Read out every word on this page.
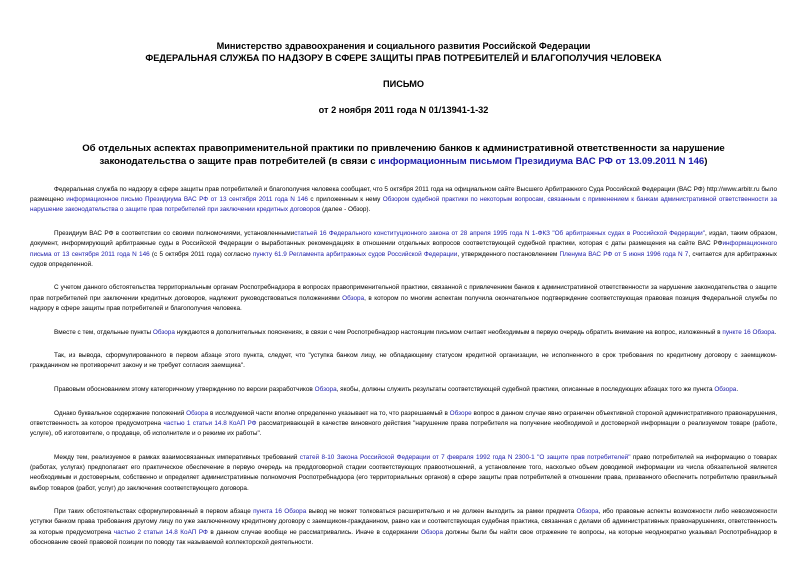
Министерство здравоохранения и социального развития Российской Федерации
ФЕДЕРАЛЬНАЯ СЛУЖБА ПО НАДЗОРУ В СФЕРЕ ЗАЩИТЫ ПРАВ ПОТРЕБИТЕЛЕЙ И БЛАГОПОЛУЧИЯ ЧЕЛОВЕКА
ПИСЬМО
от 2 ноября 2011 года N 01/13941-1-32
Об отдельных аспектах правоприменительной практики по привлечению банков к административной ответственности за нарушение законодательства о защите прав потребителей (в связи с информационным письмом Президиума ВАС РФ от 13.09.2011 N 146)

Федеральная служба по надзору в сфере защиты прав потребителей и благополучия человека сообщает, что 5 октября 2011 года на официальном сайте Высшего Арбитражного Суда Российской Федерации (ВАС РФ) http://www.arbitr.ru было размещено информационное письмо Президиума ВАС РФ от 13 сентября 2011 года N 146 с приложенным к нему Обзором судебной практики по некоторым вопросам, связанным с применением к банкам административной ответственности за нарушение законодательства о защите прав потребителей при заключении кредитных договоров (далее - Обзор).

Президиум ВАС РФ в соответствии со своими полномочиями, установленнымистатьей 16 Федерального конституционного закона от 28 апреля 1995 года N 1-ФКЗ "Об арбитражных судах в Российской Федерации", издал, таким образом, документ, информирующий арбитражные суды в Российской Федерации о выработанных рекомендациях в отношении отдельных вопросов соответствующей судебной практики, которая с даты размещения на сайте ВАС РФинформационного письма от 13 сентября 2011 года N 146 (с 5 октября 2011 года) согласно пункту 61.9 Регламента арбитражных судов Российской Федерации, утвержденного постановлением Пленума ВАС РФ от 5 июня 1996 года N 7, считается для арбитражных судов определенной.

С учетом данного обстоятельства территориальным органам Роспотребнадзора в вопросах правоприменительной практики, связанной с привлечением банков к административной ответственности за нарушение законодательства о защите прав потребителей при заключении кредитных договоров, надлежит руководствоваться положениями Обзора, в котором по многим аспектам получила окончательное подтверждение соответствующая правовая позиция Федеральной службы по надзору в сфере защиты прав потребителей и благополучия человека.

Вместе с тем, отдельные пункты Обзора нуждаются в дополнительных пояснениях, в связи с чем Роспотребнадзор настоящим письмом считает необходимым в первую очередь обратить внимание на вопрос, изложенный в пункте 16 Обзора.

Так, из вывода, сформулированного в первом абзаце этого пункта, следует, что "уступка банком лицу, не обладающему статусом кредитной организации, не исполненного в срок требования по кредитному договору с заемщиком-гражданином не противоречит закону и не требует согласия заемщика".

Правовым обоснованием этому категоричному утверждению по версии разработчиков Обзора, якобы, должны служить результаты соответствующей судебной практики, описанные в последующих абзацах того же пункта Обзора.

Однако буквальное содержание положений Обзора в исследуемой части вполне определенно указывает на то, что разрешаемый в Обзоре вопрос в данном случае явно ограничен объективной стороной административного правонарушения, ответственность за которое предусмотрена частью 1 статьи 14.8 КоАП РФ рассматривающей в качестве виновного действия "нарушение права потребителя на получение необходимой и достоверной информации о реализуемом товаре (работе, услуге), об изготовителе, о продавце, об исполнителе и о режиме их работы".

Между тем, реализуемое в рамках взаимосвязанных императивных требований статей 8-10 Закона Российской Федерации от 7 февраля 1992 года N 2300-1 "О защите прав потребителей" право потребителей на информацию о товарах (работах, услугах) предполагает его практическое обеспечение в первую очередь на преддоговорной стадии соответствующих правоотношений, а установление того, насколько объем доводимой информации из числа обязательной является необходимым и достоверным, собственно и определяет административные полномочия Роспотребнадзора (его территориальных органов) в сфере защиты прав потребителей в отношении права, призванного обеспечить потребителю правильный выбор товаров (работ, услуг) до заключения соответствующего договора.

При таких обстоятельствах сформулированный в первом абзаце пункта 16 Обзора вывод не может толковаться расширительно и не должен выходить за рамки предмета Обзора, ибо правовые аспекты возможности либо невозможности уступки банком права требования другому лицу по уже заключенному кредитному договору с заемщиком-гражданином, равно как и соответствующая судебная практика, связанная с делами об административных правонарушениях, ответственность за которые предусмотрена частью 2 статьи 14.8 КоАП РФ в данном случае вообще не рассматривались. Иначе в содержании Обзора должны были бы найти свое отражение те вопросы, на которые неоднократно указывал Роспотребнадзор в обоснование своей правовой позиции по поводу так называемой коллекторской деятельности.
